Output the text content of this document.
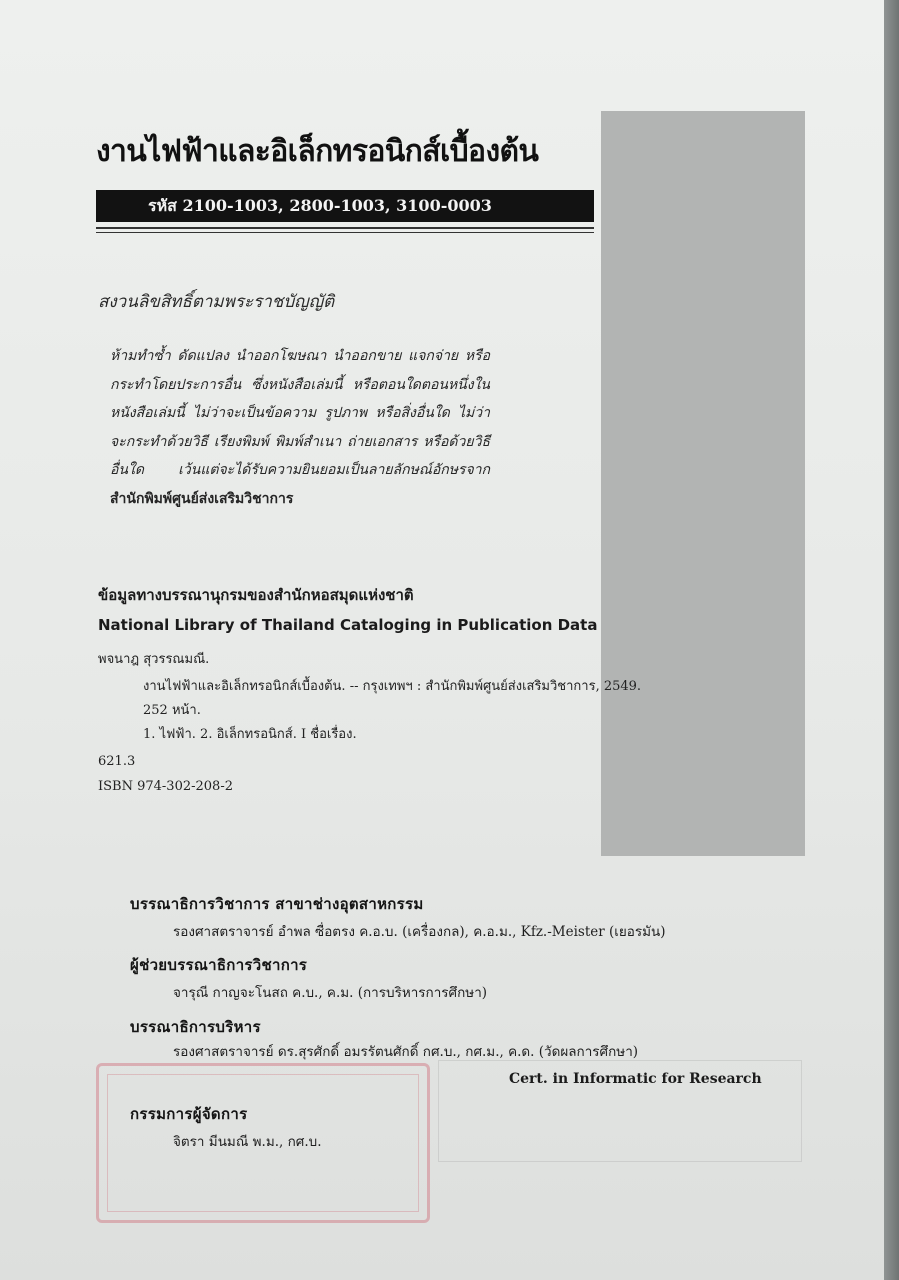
งานไฟฟ้าและอิเล็กทรอนิกส์เบื้องต้น
รหัส 2100-1003, 2800-1003, 3100-0003

สงวนลิขสิทธิ์ตามพระราชบัญญัติ

ห้ามทำซ้ำ ดัดแปลง นำออกโฆษณา นำออกขาย แจกจ่าย หรือกระทำโดยประการอื่น ซึ่งหนังสือเล่มนี้ หรือตอนใดตอนหนึ่งในหนังสือเล่มนี้ ไม่ว่าจะเป็นข้อความ รูปภาพ หรือสิ่งอื่นใด ไม่ว่าจะกระทำด้วยวิธี เรียงพิมพ์ พิมพ์สำเนา ถ่ายเอกสาร หรือด้วยวิธีอื่นใด เว้นแต่จะได้รับความยินยอมเป็นลายลักษณ์อักษรจาก สำนักพิมพ์ศูนย์ส่งเสริมวิชาการ

ข้อมูลทางบรรณานุกรมของสำนักหอสมุดแห่งชาติ

National Library of Thailand Cataloging in Publication Data

พจนาฎ สุวรรณมณี.
งานไฟฟ้าและอิเล็กทรอนิกส์เบื้องต้น. -- กรุงเทพฯ : สำนักพิมพ์ศูนย์ส่งเสริมวิชาการ, 2549.
252 หน้า.
1. ไฟฟ้า. 2. อิเล็กทรอนิกส์. I ชื่อเรื่อง.
621.3
ISBN 974-302-208-2
บรรณาธิการวิชาการ สาขาช่างอุตสาหกรรม
รองศาสตราจารย์ อำพล ซื่อตรง ค.อ.บ. (เครื่องกล), ค.อ.ม., Kfz.-Meister (เยอรมัน)
ผู้ช่วยบรรณาธิการวิชาการ
จารุณี กาญจะโนสถ ค.บ., ค.ม. (การบริหารการศึกษา)
บรรณาธิการบริหาร
รองศาสตราจารย์ ดร.สุรศักดิ์ อมรรัตนศักดิ์ กศ.บ., กศ.ม., ค.ด. (วัดผลการศึกษา)
Cert. in Informatic for Research
กรรมการผู้จัดการ
จิตรา มีนมณี พ.ม., กศ.บ.
